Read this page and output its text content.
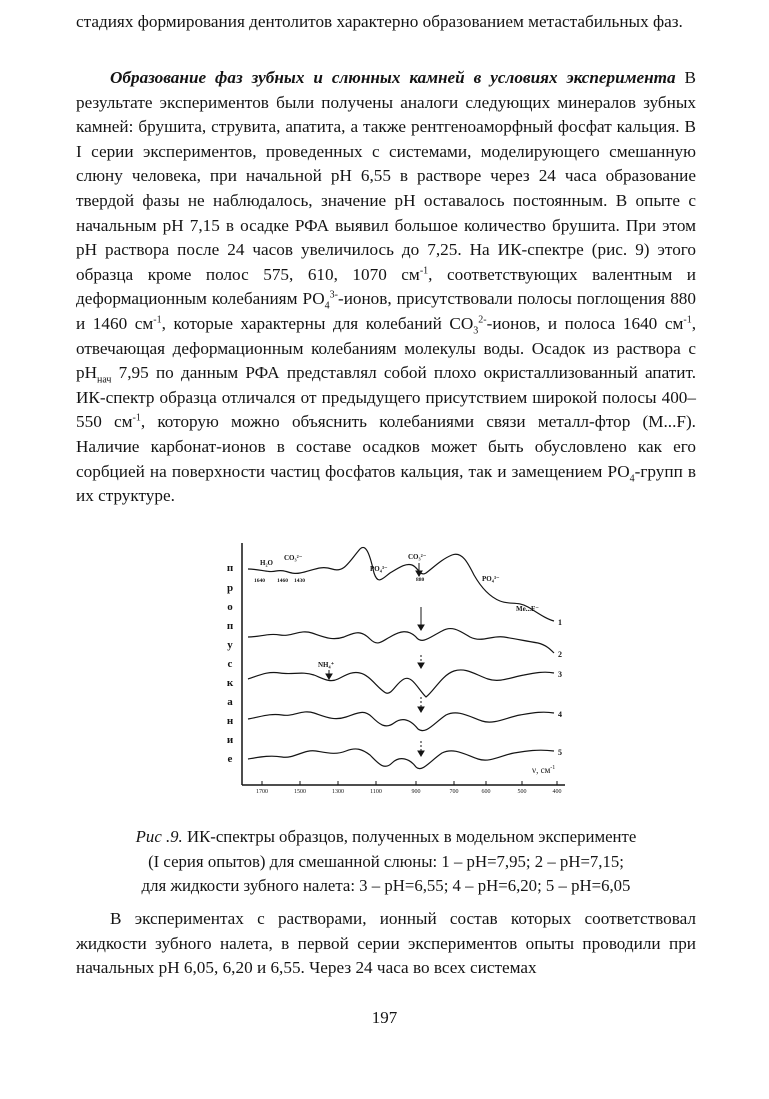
стадиях формирования дентолитов характерно образованием метастабильных фаз.
Образование фаз зубных и слюнных камней в условиях эксперимента В результате экспериментов были получены аналоги следующих минералов зубных камней: брушита, струвита, апатита, а также рентгеноаморфный фосфат кальция. В I серии экспериментов, проведенных с системами, моделирующего смешанную слюну человека, при начальной рН 6,55 в растворе через 24 часа образование твердой фазы не наблюдалось, значение рН оставалось постоянным. В опыте с начальным рН 7,15 в осадке РФА выявил большое количество брушита. При этом рН раствора после 24 часов увеличилось до 7,25. На ИК-спектре (рис. 9) этого образца кроме полос 575, 610, 1070 $см^{-1}$, соответствующих валентным и деформационным колебаниям $РО_4^{3-}$-ионов, присутствовали полосы поглощения 880 и 1460 $см^{-1}$, которые характерны для колебаний $СО_3^{2-}$-ионов, и полоса 1640 $см^{-1}$, отвечающая деформационным колебаниям молекулы воды. Осадок из раствора с $рН_{нач}$ 7,95 по данным РФА представлял собой плохо окристаллизованный апатит. ИК-спектр образца отличался от предыдущего присутствием широкой полосы 400–550 $см^{-1}$, которую можно объяснить колебаниями связи металл-фтор (М...F). Наличие карбонат-ионов в составе осадков может быть обусловлено как его сорбцией на поверхности частиц фосфатов кальция, так и замещением $РО_4$-групп в их структуре.
п
р
о
п
у
с
к
а
н
и
е
1700	1500	1300	1100	900	700	600	500	400
ν, $см^{-1}$
H₂O
CO₃²⁻
1640 1460 1430
PO₄³⁻
CO₃²⁻
880	PO₄³⁻
Me...F⁻
NH₄⁺
1
2
3
4
5
Рис .9. ИК-спектры образцов, полученных в модельном эксперименте
(I серия опытов) для смешанной слюны: 1 – рН=7,95; 2 – рН=7,15;
для жидкости зубного налета: 3 – рН=6,55; 4 – рН=6,20; 5 – рН=6,05
В экспериментах с растворами, ионный состав которых соответствовал жидкости зубного налета, в первой серии экспериментов опыты проводили при начальных рН 6,05, 6,20 и 6,55. Через 24 часа во всех системах
197
